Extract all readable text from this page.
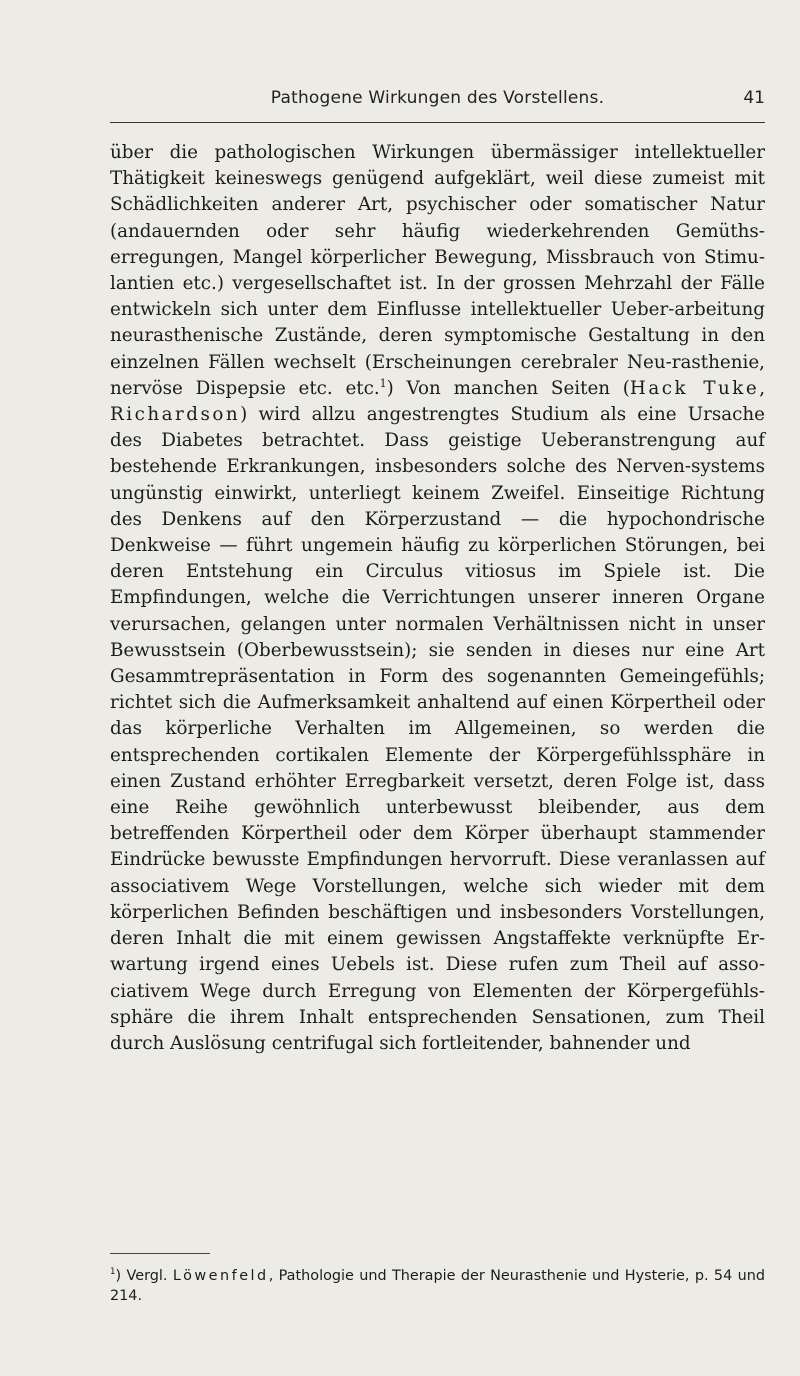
Pathogene Wirkungen des Vorstellens.	41

über die pathologischen Wirkungen übermässiger intellektueller Thätigkeit keineswegs genügend aufgeklärt, weil diese zumeist mit Schädlichkeiten anderer Art, psychischer oder somatischer Natur (andauernden oder sehr häufig wiederkehrenden Gemüths-erregungen, Mangel körperlicher Bewegung, Missbrauch von Stimu-lantien etc.) vergesellschaftet ist. In der grossen Mehrzahl der Fälle entwickeln sich unter dem Einflusse intellektueller Ueber-arbeitung neurasthenische Zustände, deren symptomische Gestaltung in den einzelnen Fällen wechselt (Erscheinungen cerebraler Neu-rasthenie, nervöse Dispepsie etc. etc.$^1$) Von manchen Seiten (Hack Tuke, Richardson) wird allzu angestrengtes Studium als eine Ursache des Diabetes betrachtet. Dass geistige Ueberanstrengung auf bestehende Erkrankungen, insbesonders solche des Nerven-systems ungünstig einwirkt, unterliegt keinem Zweifel. Einseitige Richtung des Denkens auf den Körperzustand — die hypochondrische Denkweise — führt ungemein häufig zu körperlichen Störungen, bei deren Entstehung ein Circulus vitiosus im Spiele ist. Die Empfindungen, welche die Verrichtungen unserer inneren Organe verursachen, gelangen unter normalen Verhältnissen nicht in unser Bewusstsein (Oberbewusstsein); sie senden in dieses nur eine Art Gesammtrepräsentation in Form des sogenannten Gemeingefühls; richtet sich die Aufmerksamkeit anhaltend auf einen Körpertheil oder das körperliche Verhalten im Allgemeinen, so werden die entsprechenden cortikalen Elemente der Körpergefühlssphäre in einen Zustand erhöhter Erregbarkeit versetzt, deren Folge ist, dass eine Reihe gewöhnlich unterbewusst bleibender, aus dem betreffenden Körpertheil oder dem Körper überhaupt stammender Eindrücke bewusste Empfindungen hervorruft. Diese veranlassen auf associativem Wege Vorstellungen, welche sich wieder mit dem körperlichen Befinden beschäftigen und insbesonders Vorstellungen, deren Inhalt die mit einem gewissen Angstaffekte verknüpfte Er-wartung irgend eines Uebels ist. Diese rufen zum Theil auf asso-ciativem Wege durch Erregung von Elementen der Körpergefühls-sphäre die ihrem Inhalt entsprechenden Sensationen, zum Theil durch Auslösung centrifugal sich fortleitender, bahnender und

$^1$) Vergl. Löwenfeld, Pathologie und Therapie der Neurasthenie und Hysterie, p. 54 und 214.
